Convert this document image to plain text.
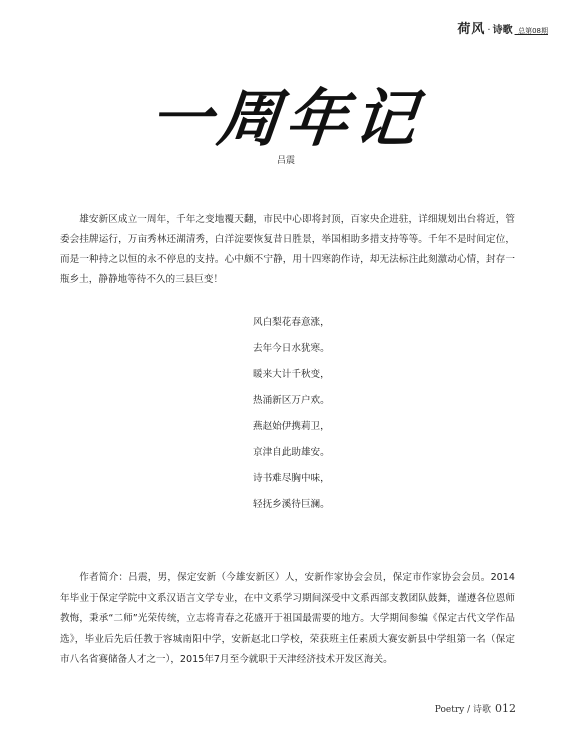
荷风 · 诗歌 _总第08期
一周年记
吕震

雄安新区成立一周年，千年之变地覆天翻，市民中心即将封顶，百家央企进驻，详细规划出台将近，管委会挂牌运行，万亩秀林还湖清秀，白洋淀要恢复昔日胜景，举国相助多措支持等等。千年不是时间定位，而是一种持之以恒的永不停息的支持。心中颇不宁静，用十四寒韵作诗，却无法标注此刻激动心情，封存一瓶乡土，静静地等待不久的三县巨变！

风白梨花春意涨，
去年今日水犹寒。
暖来大计千秋变，
热涌新区万户欢。
燕赵始伊携莉卫，
京津自此助雄安。
诗书难尽胸中味，
轻抚乡溪待巨澜。

作者简介：吕震，男，保定安新（今雄安新区）人，安新作家协会会员，保定市作家协会会员。2014年毕业于保定学院中文系汉语言文学专业，在中文系学习期间深受中文系西部支教团队鼓舞，谨遵各位恩师教悔，秉承“二师”光荣传统，立志将青春之花盛开于祖国最需要的地方。大学期间参编《保定古代文学作品选》，毕业后先后任教于容城南阳中学，安新赵北口学校，荣获班主任素质大赛安新县中学组第一名（保定市八名省赛储备人才之一），2015年7月至今就职于天津经济技术开发区海关。

Poetry / 诗歌 012
